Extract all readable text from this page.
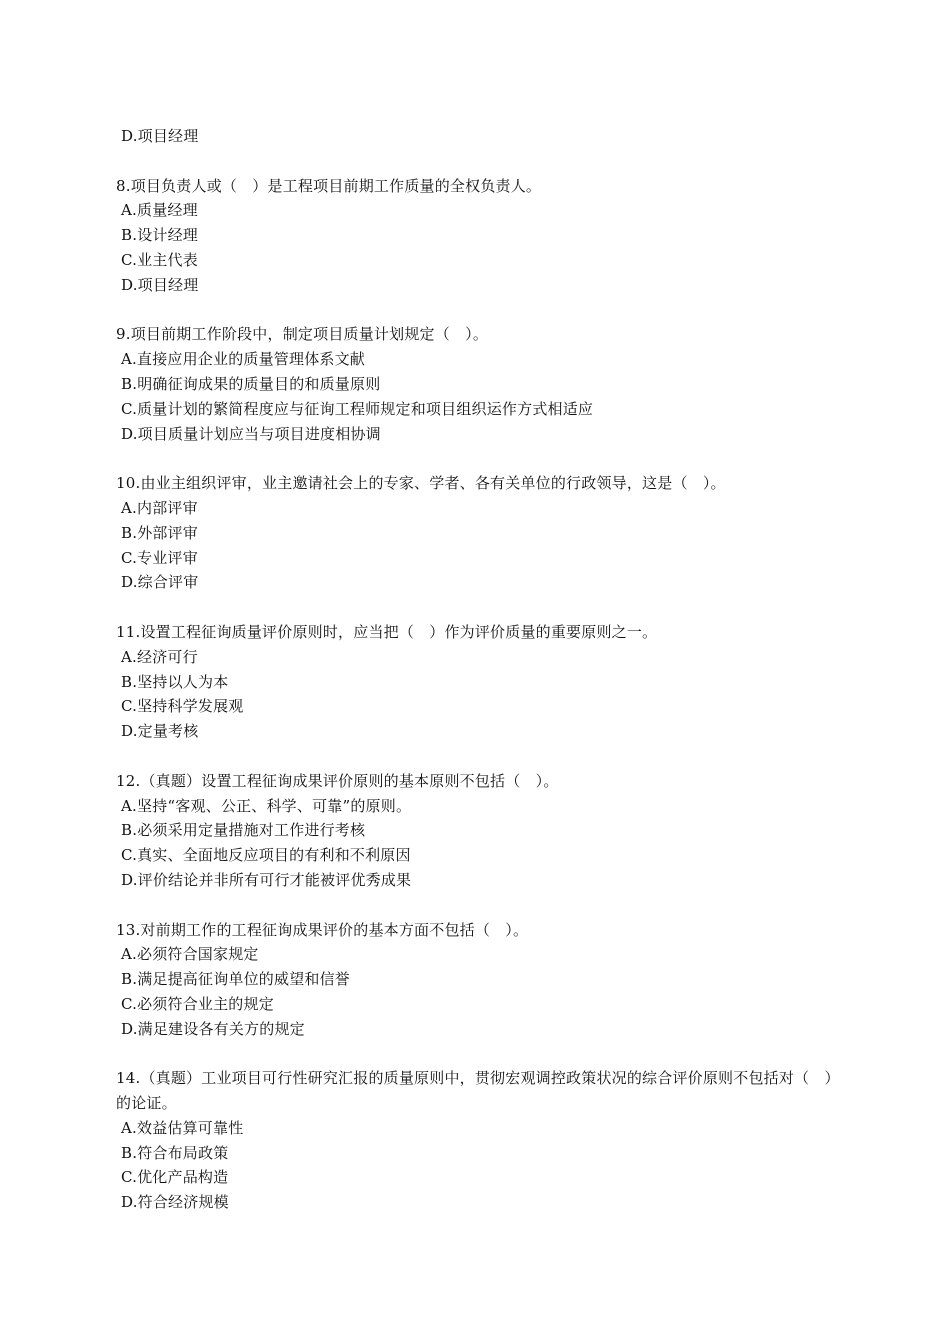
D.项目经理
8.项目负责人或（　）是工程项目前期工作质量的全权负责人。
A.质量经理
B.设计经理
C.业主代表
D.项目经理
9.项目前期工作阶段中，制定项目质量计划规定（　）。
A.直接应用企业的质量管理体系文献
B.明确征询成果的质量目的和质量原则
C.质量计划的繁简程度应与征询工程师规定和项目组织运作方式相适应
D.项目质量计划应当与项目进度相协调
10.由业主组织评审，业主邀请社会上的专家、学者、各有关单位的行政领导，这是（　）。
A.内部评审
B.外部评审
C.专业评审
D.综合评审
11.设置工程征询质量评价原则时，应当把（　）作为评价质量的重要原则之一。
A.经济可行
B.坚持以人为本
C.坚持科学发展观
D.定量考核
12.（真题）设置工程征询成果评价原则的基本原则不包括（　）。
A.坚持“客观、公正、科学、可靠”的原则。
B.必须采用定量措施对工作进行考核
C.真实、全面地反应项目的有利和不利原因
D.评价结论并非所有可行才能被评优秀成果
13.对前期工作的工程征询成果评价的基本方面不包括（　）。
A.必须符合国家规定
B.满足提高征询单位的威望和信誉
C.必须符合业主的规定
D.满足建设各有关方的规定
14.（真题）工业项目可行性研究汇报的质量原则中，贯彻宏观调控政策状况的综合评价原则不包括对（　）的论证。
A.效益估算可靠性
B.符合布局政策
C.优化产品构造
D.符合经济规模
